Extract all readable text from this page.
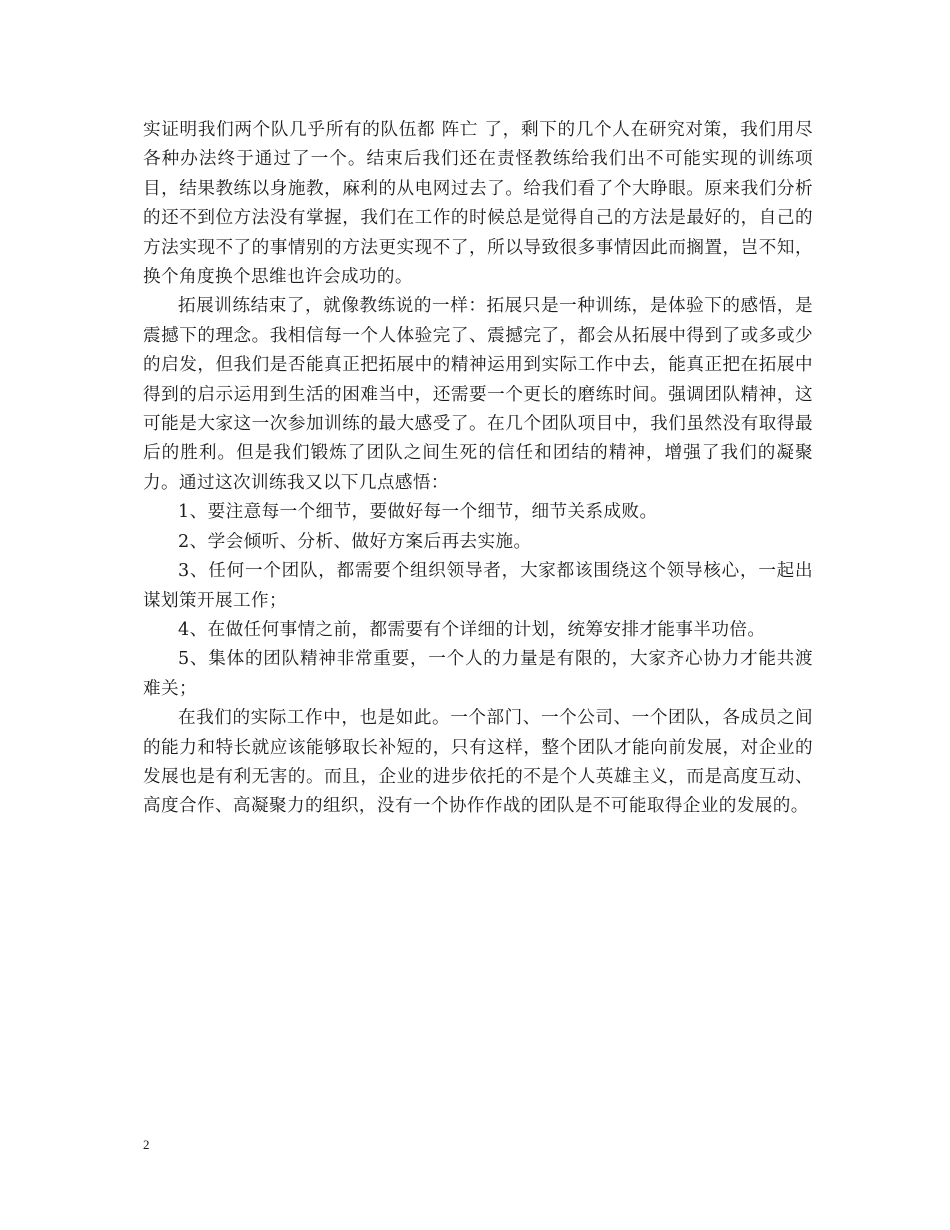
实证明我们两个队几乎所有的队伍都 阵亡 了，剩下的几个人在研究对策，我们用尽各种办法终于通过了一个。结束后我们还在责怪教练给我们出不可能实现的训练项目，结果教练以身施教，麻利的从电网过去了。给我们看了个大睁眼。原来我们分析的还不到位方法没有掌握，我们在工作的时候总是觉得自己的方法是最好的，自己的方法实现不了的事情别的方法更实现不了，所以导致很多事情因此而搁置，岂不知，换个角度换个思维也许会成功的。

拓展训练结束了，就像教练说的一样：拓展只是一种训练，是体验下的感悟，是震撼下的理念。我相信每一个人体验完了、震撼完了，都会从拓展中得到了或多或少的启发，但我们是否能真正把拓展中的精神运用到实际工作中去，能真正把在拓展中得到的启示运用到生活的困难当中，还需要一个更长的磨练时间。强调团队精神，这可能是大家这一次参加训练的最大感受了。在几个团队项目中，我们虽然没有取得最后的胜利。但是我们锻炼了团队之间生死的信任和团结的精神，增强了我们的凝聚力。通过这次训练我又以下几点感悟：

1、要注意每一个细节，要做好每一个细节，细节关系成败。

2、学会倾听、分析、做好方案后再去实施。

3、任何一个团队，都需要个组织领导者，大家都该围绕这个领导核心，一起出谋划策开展工作；

4、在做任何事情之前，都需要有个详细的计划，统筹安排才能事半功倍。

5、集体的团队精神非常重要，一个人的力量是有限的，大家齐心协力才能共渡难关；

在我们的实际工作中，也是如此。一个部门、一个公司、一个团队，各成员之间的能力和特长就应该能够取长补短的，只有这样，整个团队才能向前发展，对企业的发展也是有利无害的。而且，企业的进步依托的不是个人英雄主义，而是高度互动、高度合作、高凝聚力的组织，没有一个协作作战的团队是不可能取得企业的发展的。

2
